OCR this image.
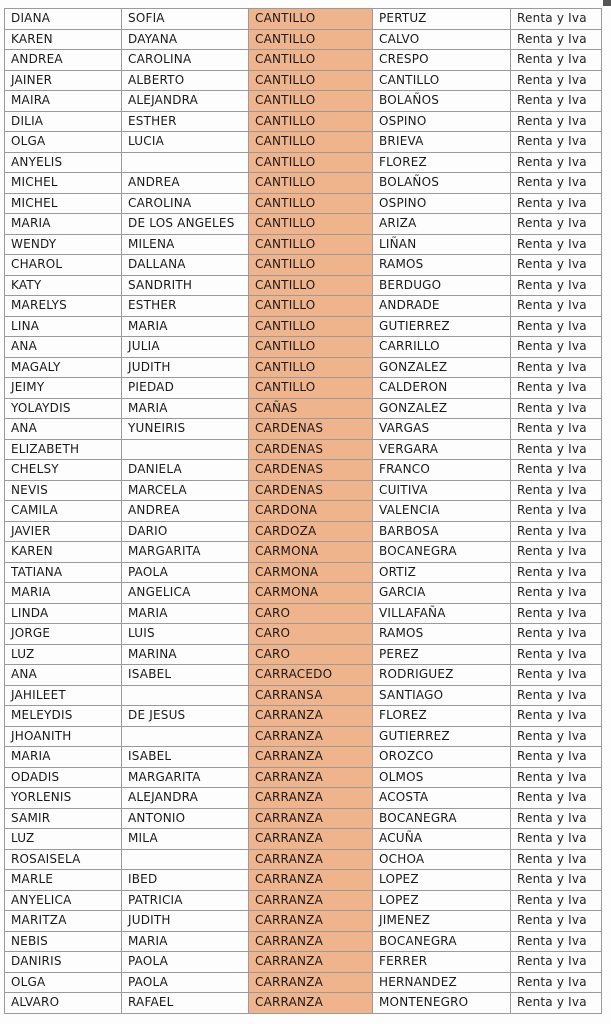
DIANA	SOFIA	CANTILLO	PERTUZ	Renta y Iva
KAREN	DAYANA	CANTILLO	CALVO	Renta y Iva
ANDREA	CAROLINA	CANTILLO	CRESPO	Renta y Iva
JAINER	ALBERTO	CANTILLO	CANTILLO	Renta y Iva
MAIRA	ALEJANDRA	CANTILLO	BOLAÑOS	Renta y Iva
DILIA	ESTHER	CANTILLO	OSPINO	Renta y Iva
OLGA	LUCIA	CANTILLO	BRIEVA	Renta y Iva
ANYELIS		CANTILLO	FLOREZ	Renta y Iva
MICHEL	ANDREA	CANTILLO	BOLAÑOS	Renta y Iva
MICHEL	CAROLINA	CANTILLO	OSPINO	Renta y Iva
MARIA	DE LOS ANGELES	CANTILLO	ARIZA	Renta y Iva
WENDY	MILENA	CANTILLO	LIÑAN	Renta y Iva
CHAROL	DALLANA	CANTILLO	RAMOS	Renta y Iva
KATY	SANDRITH	CANTILLO	BERDUGO	Renta y Iva
MARELYS	ESTHER	CANTILLO	ANDRADE	Renta y Iva
LINA	MARIA	CANTILLO	GUTIERREZ	Renta y Iva
ANA	JULIA	CANTILLO	CARRILLO	Renta y Iva
MAGALY	JUDITH	CANTILLO	GONZALEZ	Renta y Iva
JEIMY	PIEDAD	CANTILLO	CALDERON	Renta y Iva
YOLAYDIS	MARIA	CAÑAS	GONZALEZ	Renta y Iva
ANA	YUNEIRIS	CARDENAS	VARGAS	Renta y Iva
ELIZABETH		CARDENAS	VERGARA	Renta y Iva
CHELSY	DANIELA	CARDENAS	FRANCO	Renta y Iva
NEVIS	MARCELA	CARDENAS	CUITIVA	Renta y Iva
CAMILA	ANDREA	CARDONA	VALENCIA	Renta y Iva
JAVIER	DARIO	CARDOZA	BARBOSA	Renta y Iva
KAREN	MARGARITA	CARMONA	BOCANEGRA	Renta y Iva
TATIANA	PAOLA	CARMONA	ORTIZ	Renta y Iva
MARIA	ANGELICA	CARMONA	GARCIA	Renta y Iva
LINDA	MARIA	CARO	VILLAFAÑA	Renta y Iva
JORGE	LUIS	CARO	RAMOS	Renta y Iva
LUZ	MARINA	CARO	PEREZ	Renta y Iva
ANA	ISABEL	CARRACEDO	RODRIGUEZ	Renta y Iva
JAHILEET		CARRANSA	SANTIAGO	Renta y Iva
MELEYDIS	DE JESUS	CARRANZA	FLOREZ	Renta y Iva
JHOANITH		CARRANZA	GUTIERREZ	Renta y Iva
MARIA	ISABEL	CARRANZA	OROZCO	Renta y Iva
ODADIS	MARGARITA	CARRANZA	OLMOS	Renta y Iva
YORLENIS	ALEJANDRA	CARRANZA	ACOSTA	Renta y Iva
SAMIR	ANTONIO	CARRANZA	BOCANEGRA	Renta y Iva
LUZ	MILA	CARRANZA	ACUÑA	Renta y Iva
ROSAISELA		CARRANZA	OCHOA	Renta y Iva
MARLE	IBED	CARRANZA	LOPEZ	Renta y Iva
ANYELICA	PATRICIA	CARRANZA	LOPEZ	Renta y Iva
MARITZA	JUDITH	CARRANZA	JIMENEZ	Renta y Iva
NEBIS	MARIA	CARRANZA	BOCANEGRA	Renta y Iva
DANIRIS	PAOLA	CARRANZA	FERRER	Renta y Iva
OLGA	PAOLA	CARRANZA	HERNANDEZ	Renta y Iva
ALVARO	RAFAEL	CARRANZA	MONTENEGRO	Renta y Iva
